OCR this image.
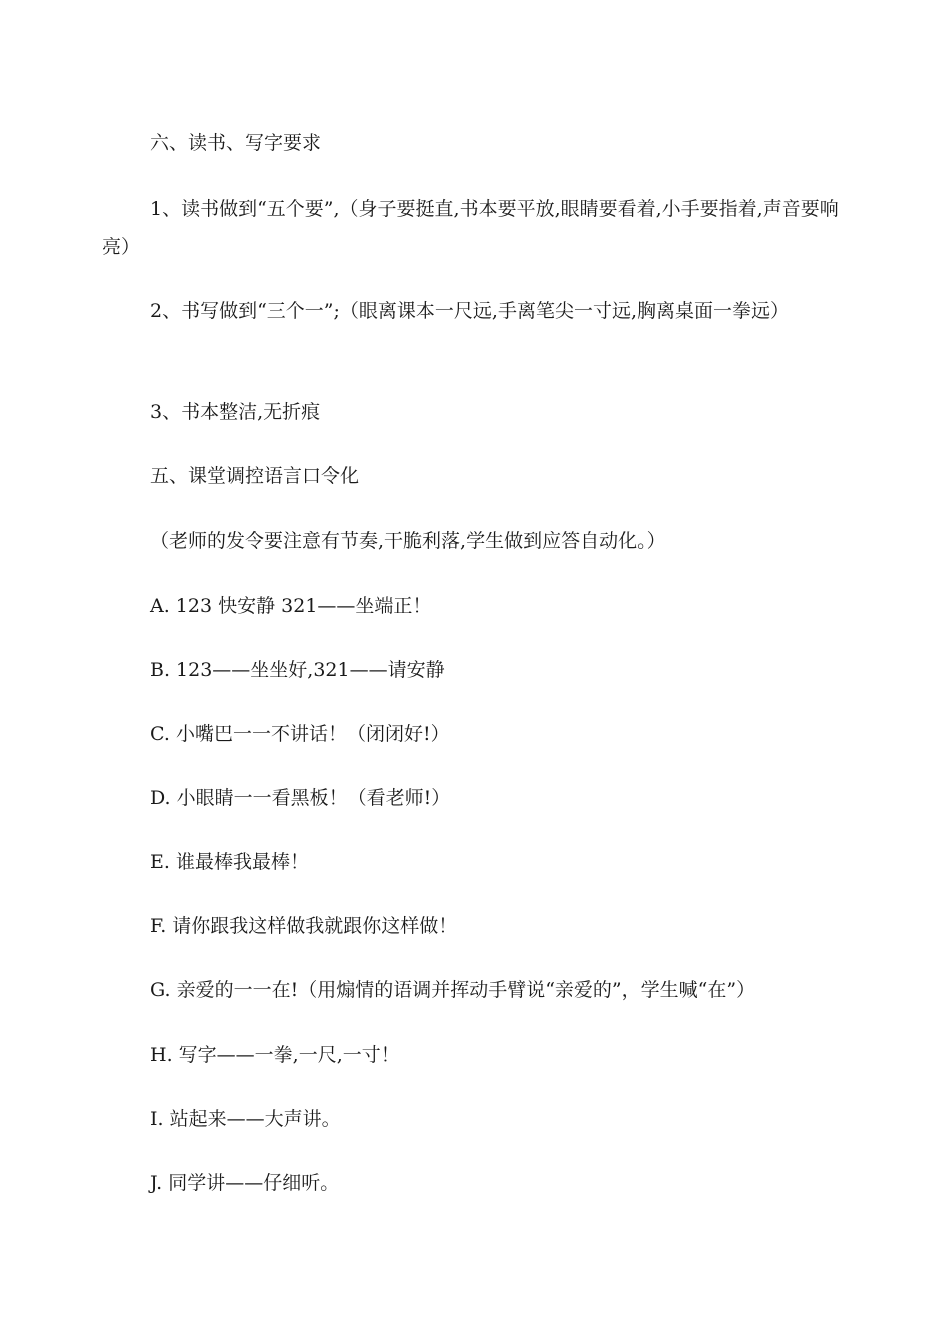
六、读书、写字要求

1、读书做到“五个要”,（身子要挺直,书本要平放,眼睛要看着,小手要指着,声音要响亮）

2、书写做到“三个一”;（眼离课本一尺远,手离笔尖一寸远,胸离桌面一拳远）

3、书本整洁,无折痕

五、课堂调控语言口令化

（老师的发令要注意有节奏,干脆利落,学生做到应答自动化。）

A. 123 快安静 321——坐端正！

B. 123——坐坐好,321——请安静

C. 小嘴巴一一不讲话！（闭闭好!）

D. 小眼睛一一看黑板！（看老师!）

E. 谁最棒我最棒！

F. 请你跟我这样做我就跟你这样做！

G. 亲爱的一一在!（用煽情的语调并挥动手臂说“亲爱的”，学生喊“在”）

H. 写字——一拳,一尺,一寸！

I. 站起来——大声讲。

J. 同学讲——仔细听。
